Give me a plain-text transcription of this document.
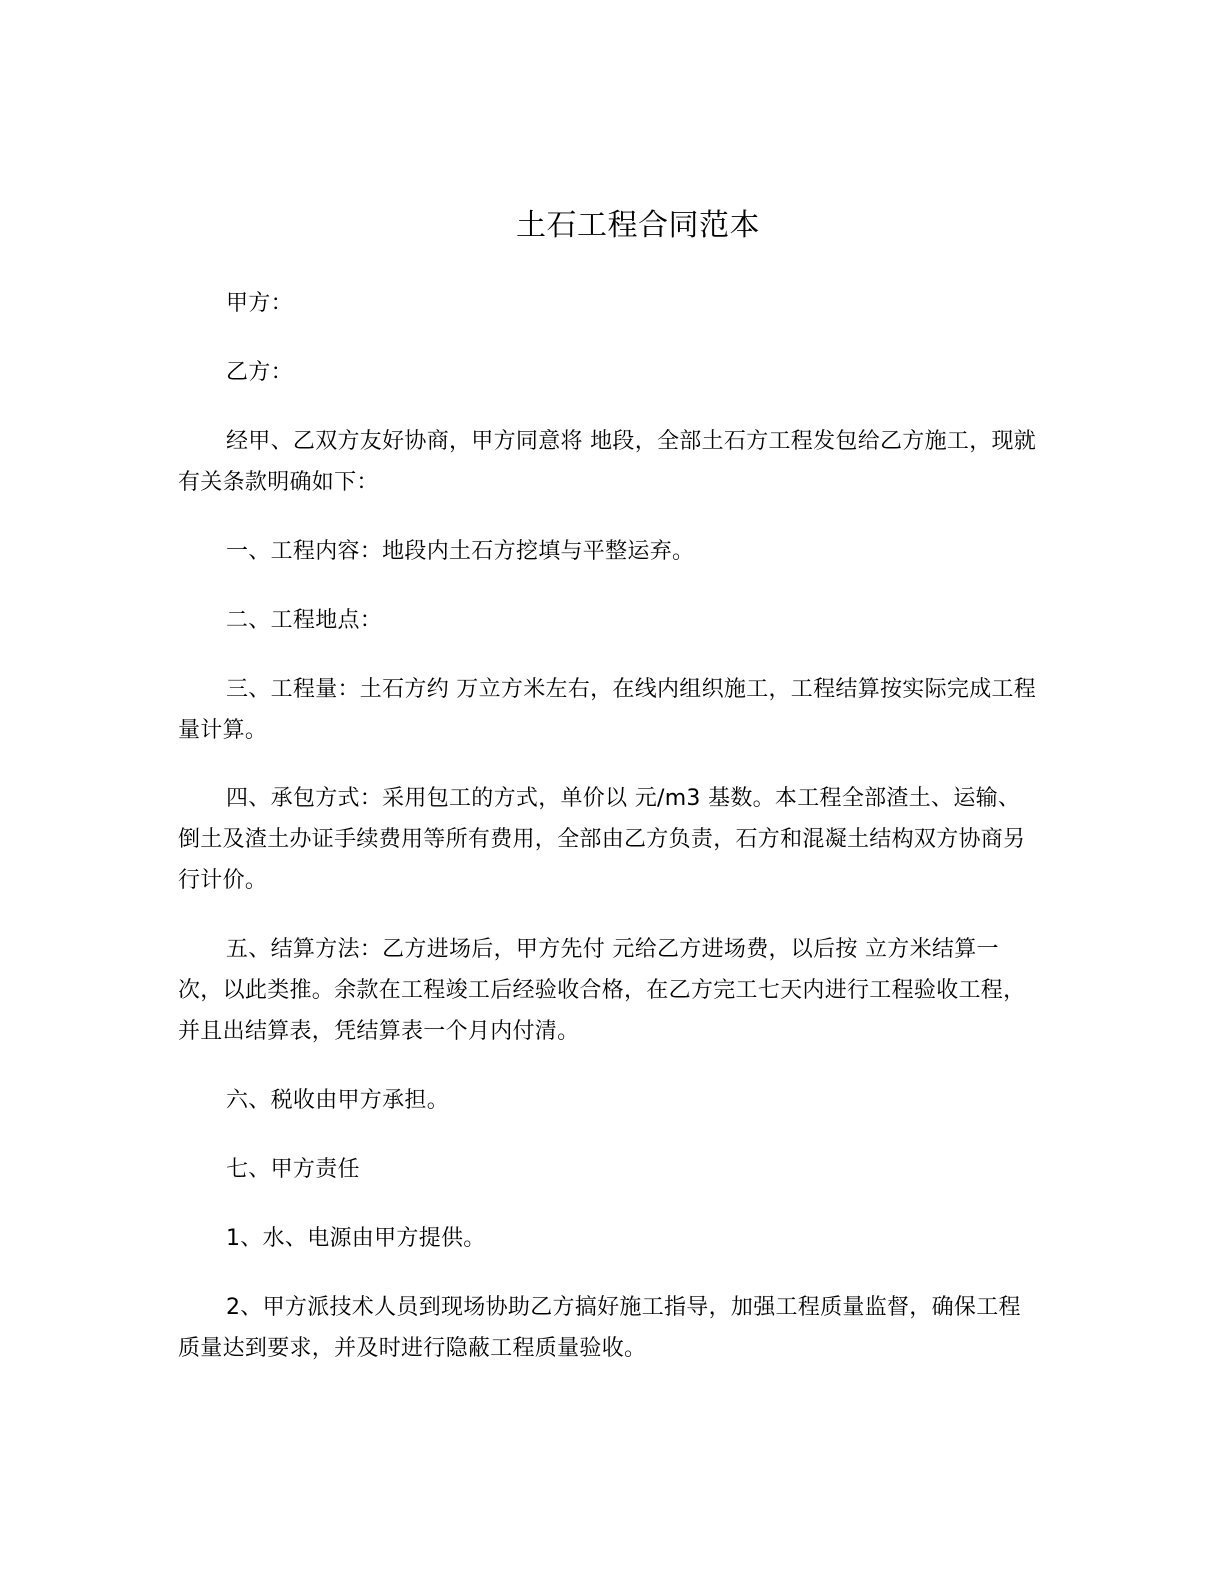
土石工程合同范本
甲方：
乙方：
经甲、乙双方友好协商，甲方同意将 地段，全部土石方工程发包给乙方施工，现就有关条款明确如下：
一、工程内容：地段内土石方挖填与平整运弃。
二、工程地点：
三、工程量：土石方约 万立方米左右，在线内组织施工，工程结算按实际完成工程量计算。
四、承包方式：采用包工的方式，单价以 元/m3 基数。本工程全部渣土、运输、倒土及渣土办证手续费用等所有费用，全部由乙方负责，石方和混凝土结构双方协商另行计价。
五、结算方法：乙方进场后，甲方先付 元给乙方进场费，以后按 立方米结算一次，以此类推。余款在工程竣工后经验收合格，在乙方完工七天内进行工程验收工程，并且出结算表，凭结算表一个月内付清。
六、税收由甲方承担。
七、甲方责任
1、水、电源由甲方提供。
2、甲方派技术人员到现场协助乙方搞好施工指导，加强工程质量监督，确保工程质量达到要求，并及时进行隐蔽工程质量验收。
